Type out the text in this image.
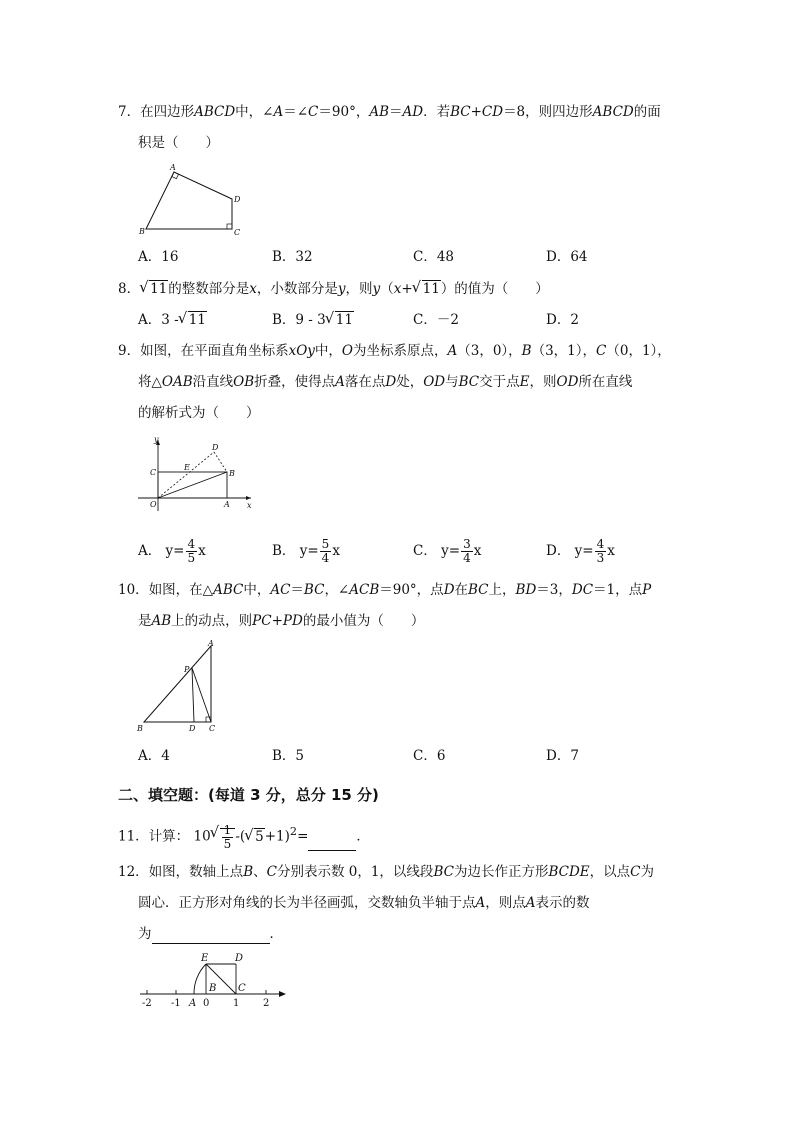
7．在四边形ABCD中，∠A＝∠C＝90°，AB＝AD．若BC+CD＝8，则四边形ABCD的面
积是（　　）
A
B	C
D
A．16	B．32	C．48	D．64
8． √ 11的整数部分是x，小数部分是y，则y（x+ √ 11）的值为（　　）
A．3 - √ 11	B．9 - 3 √ 11	C．－2	D．2
9．如图，在平面直角坐标系xOy中，O为坐标系原点，A（3，0），B（3，1），C（0，1），
将△OAB沿直线OB折叠，使得点A落在点D处，OD与BC交于点E，则OD所在直线
的解析式为（　　）
y
x
O	A
B
C
D
E
A． $y= \frac{4}{5}$ x	B． $y= \frac{5}{4}$ x	C． $y= \frac{3}{4}$ x	D． $y= \frac{4}{3}$ x
10．如图，在△ABC中，AC＝BC，∠ACB＝90°，点D在BC上，BD＝3，DC＝1，点P
是AB上的动点，则PC+PD的最小值为（　　）
A
B	C
D
P
A．4	B．5	C．6	D．7
二、填空题：(每道 3 分，总分 15 分)
11．计算： 10 √ $\frac{1}{5}$ -( √ 5+1)$^2$=	．
12．如图，数轴上点B、C分别表示数 0，1，以线段BC为边长作正方形BCDE，以点C为
圆心．正方形对角线的长为半径画弧，交数轴负半轴于点A，则点A表示的数
为	．
E	D
B C
A
-2 -1 0 1 2
